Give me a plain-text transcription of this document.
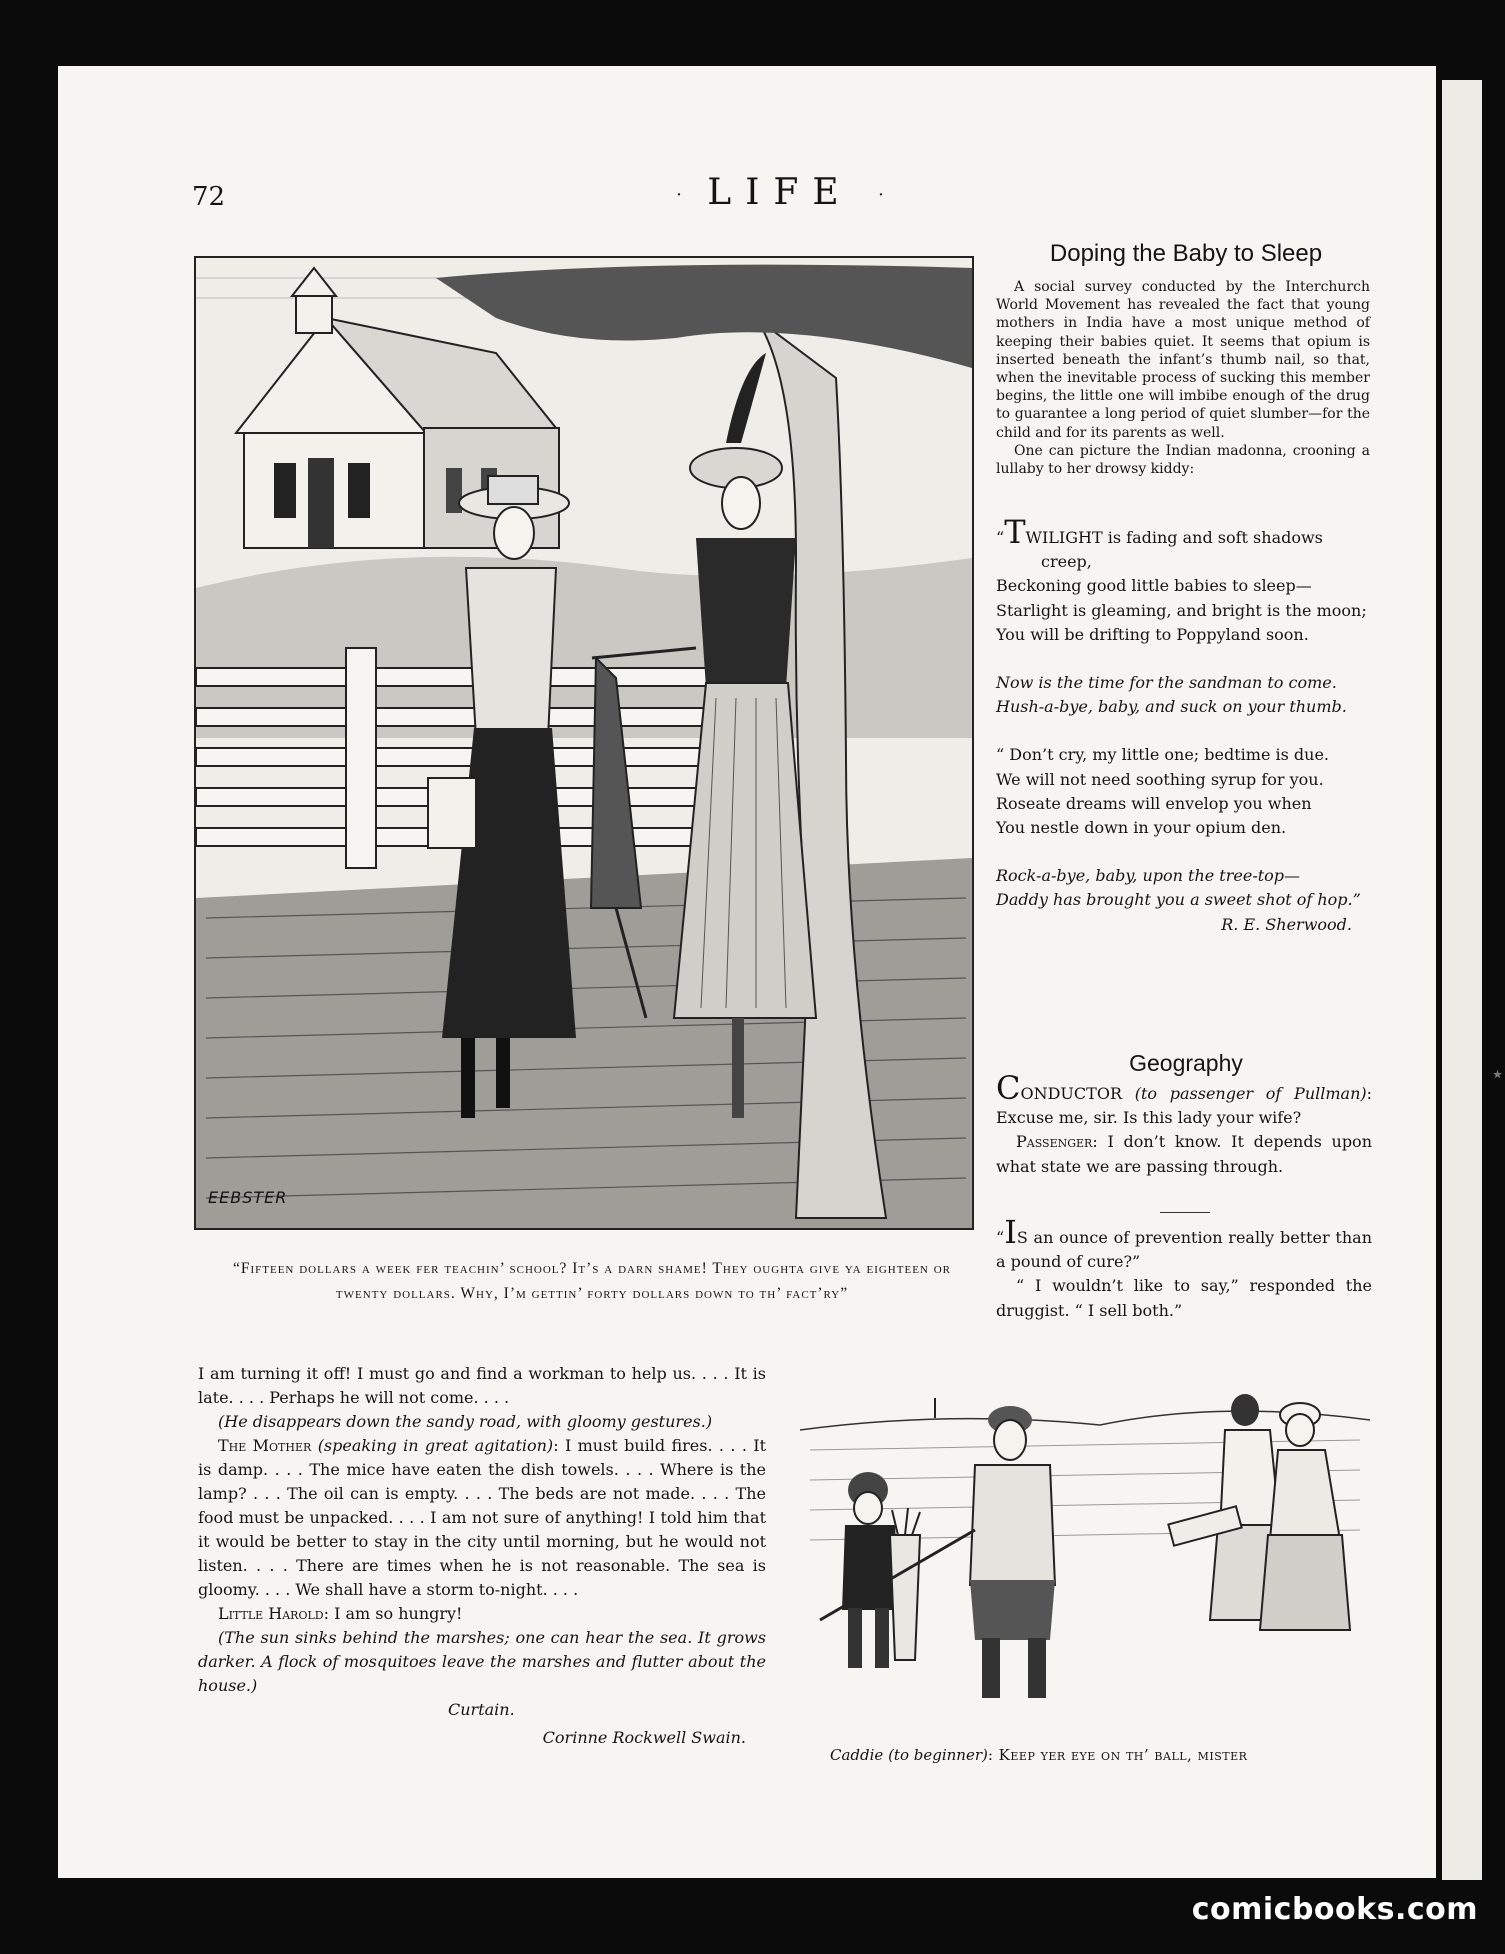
⋆
72	· LIFE ·
EEBSTER
“Fifteen dollars a week fer teachin’ school? It’s a darn shame! They oughta give ya eighteen or twenty dollars. Why, I’m gettin’ forty dollars down to th’ fact’ry”
Doping the Baby to Sleep

A social survey conducted by the Interchurch World Movement has revealed the fact that young mothers in India have a most unique method of keeping their babies quiet. It seems that opium is inserted beneath the infant’s thumb nail, so that, when the inevitable process of sucking this member begins, the little one will imbibe enough of the drug to guarantee a long period of quiet slumber—for the child and for its parents as well.

One can picture the Indian madonna, crooning a lullaby to her drowsy kiddy:

“TWILIGHT is fading and soft shadows creep,

Beckoning good little babies to sleep—

Starlight is gleaming, and bright is the moon;

You will be drifting to Poppyland soon.

Now is the time for the sandman to come.

Hush-a-bye, baby, and suck on your thumb.

“ Don’t cry, my little one; bedtime is due.

We will not need soothing syrup for you.

Roseate dreams will envelop you when

You nestle down in your opium den.

Rock-a-bye, baby, upon the tree-top—

Daddy has brought you a sweet shot of hop.”

R. E. Sherwood.

Geography

CONDUCTOR (to passenger of Pullman): Excuse me, sir. Is this lady your wife?

Passenger: I don’t know. It depends upon what state we are passing through.

“IS an ounce of prevention really better than a pound of cure?”

“ I wouldn’t like to say,” responded the druggist. “ I sell both.”

I am turning it off! I must go and find a workman to help us. . . . It is late. . . . Perhaps he will not come. . . .

(He disappears down the sandy road, with gloomy gestures.)

The Mother (speaking in great agitation): I must build fires. . . . It is damp. . . . The mice have eaten the dish towels. . . . Where is the lamp? . . . The oil can is empty. . . . The beds are not made. . . . The food must be unpacked. . . . I am not sure of anything! I told him that it would be better to stay in the city until morning, but he would not listen. . . . There are times when he is not reasonable. The sea is gloomy. . . . We shall have a storm to-night. . . .

Little Harold: I am so hungry!

(The sun sinks behind the marshes; one can hear the sea. It grows darker. A flock of mosquitoes leave the marshes and flutter about the house.)

Curtain.

Corinne Rockwell Swain.

Caddie (to beginner): Keep yer eye on th’ ball, mister
comicbooks.com
